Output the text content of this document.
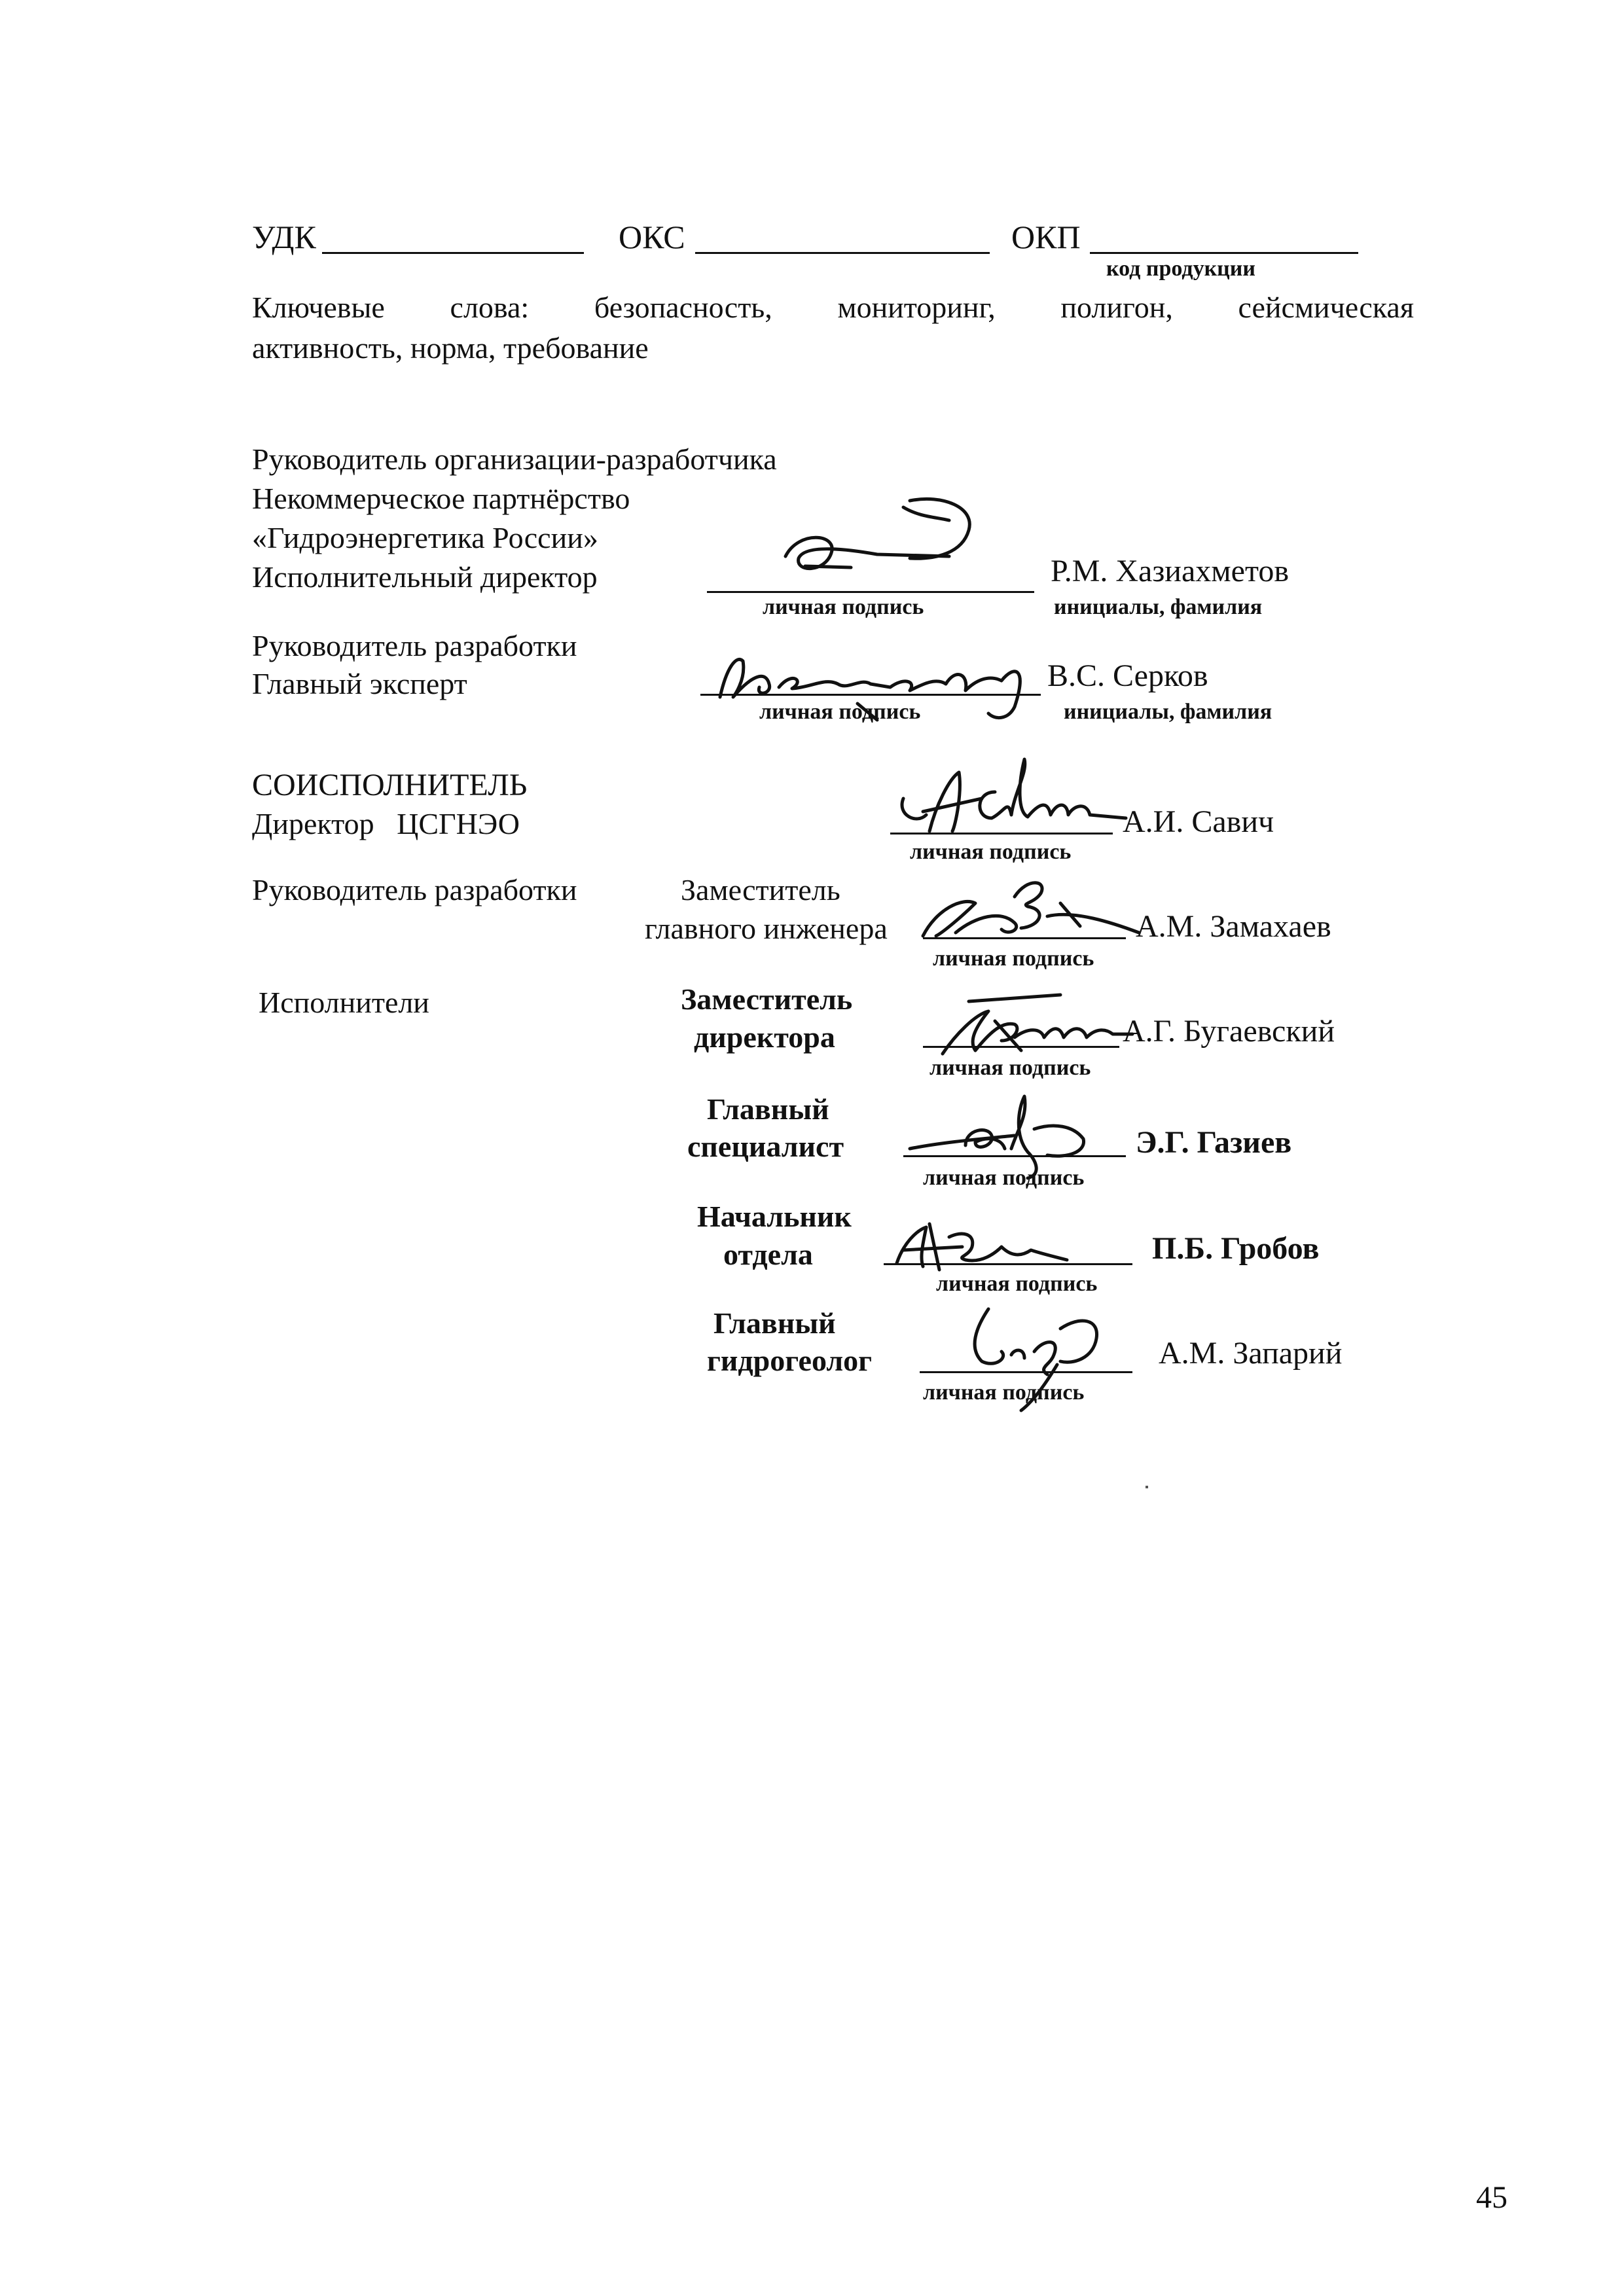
УДК	ОКС	ОКП
код продукции
Ключевые слова: безопасность, мониторинг, полигон, сейсмическая
активность, норма, требование
Руководитель организации-разработчика
Некоммерческое партнёрство
«Гидроэнергетика России»
Исполнительный директор	Р.М. Хазиахметов
личная подпись	инициалы, фамилия
Руководитель разработки
Главный эксперт	В.С. Серков
личная подпись	инициалы, фамилия
СОИСПОЛНИТЕЛЬ
Директор   ЦСГНЭО	А.И. Савич
личная подпись
Руководитель разработки	Заместитель
главного инженера	А.М. Замахаев
личная подпись
Исполнители	Заместитель
директора	А.Г. Бугаевский
личная подпись
Главный
специалист	Э.Г. Газиев
личная подпись
Начальник
отдела	П.Б. Гробов
личная подпись
Главный
гидрогеолог	А.М. Запарий
личная подпись
45
